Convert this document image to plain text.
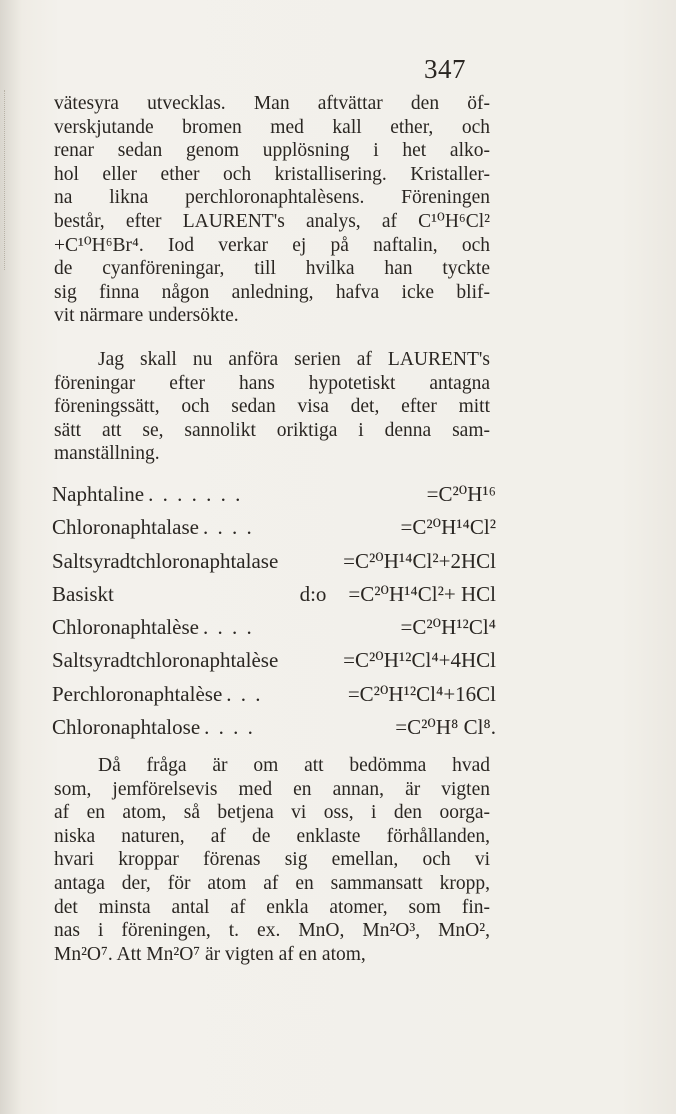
347
vätesyra utvecklas. Man aftvättar den öf-
verskjutande bromen med kall ether, och
renar sedan genom upplösning i het alko-
hol eller ether och kristallisering. Kristaller-
na likna perchloronaphtalèsens. Föreningen
består, efter LAURENT's analys, af C¹⁰H⁶Cl²
+C¹⁰H⁶Br⁴. Iod verkar ej på naftalin, och
de cyanföreningar, till hvilka han tyckte
sig finna någon anledning, hafva icke blif-
vit närmare undersökte.
Jag skall nu anföra serien af LAURENT's
föreningar efter hans hypotetiskt antagna
föreningssätt, och sedan visa det, efter mitt
sätt att se, sannolikt oriktiga i denna sam-
manställning.
Naphtaline . . . . . . .	=C²⁰H¹⁶
Chloronaphtalase . . . .	=C²⁰H¹⁴Cl²
Saltsyradtchloronaphtalase	=C²⁰H¹⁴Cl²+2HCl
Basiskt	d:o	=C²⁰H¹⁴Cl²+ HCl
Chloronaphtalèse . . . .	=C²⁰H¹²Cl⁴
Saltsyradtchloronaphtalèse	=C²⁰H¹²Cl⁴+4HCl
Perchloronaphtalèse . . .	=C²⁰H¹²Cl⁴+16Cl
Chloronaphtalose . . . .	=C²⁰H⁸ Cl⁸.
Då fråga är om att bedömma hvad
som, jemförelsevis med en annan, är vigten
af en atom, så betjena vi oss, i den oorga-
niska naturen, af de enklaste förhållanden,
hvari kroppar förenas sig emellan, och vi
antaga der, för atom af en sammansatt kropp,
det minsta antal af enkla atomer, som fin-
nas i föreningen, t. ex. MnO, Mn²O³, MnO²,
Mn²O⁷. Att Mn²O⁷ är vigten af en atom,
